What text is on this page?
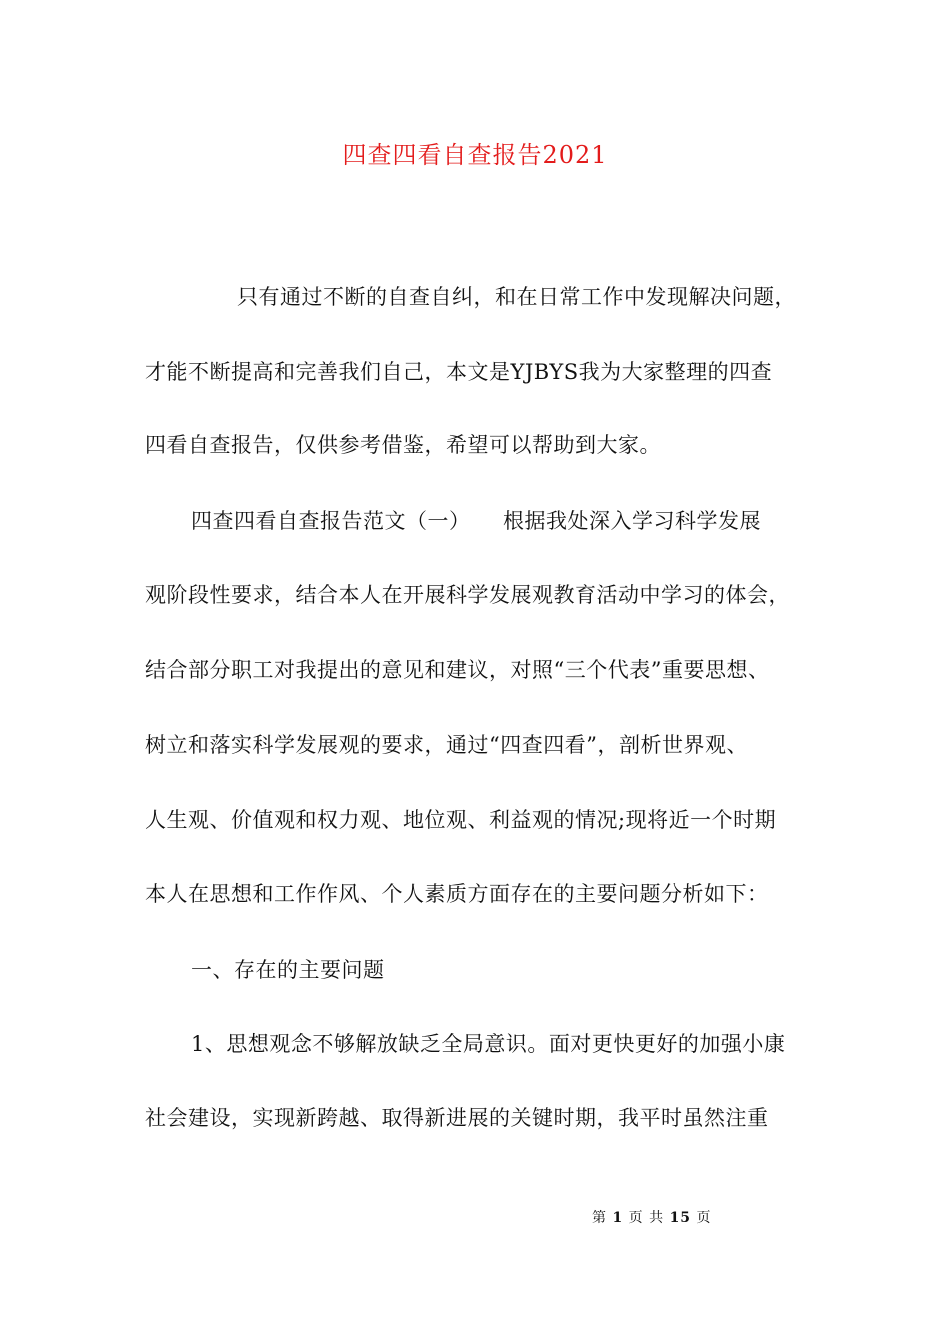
四查四看自查报告2021
只有通过不断的自查自纠，和在日常工作中发现解决问题，
才能不断提高和完善我们自己，本文是YJBYS我为大家整理的四查
四看自查报告，仅供参考借鉴，希望可以帮助到大家。
四查四看自查报告范文（一）　　根据我处深入学习科学发展
观阶段性要求，结合本人在开展科学发展观教育活动中学习的体会，
结合部分职工对我提出的意见和建议，对照“三个代表”重要思想、
树立和落实科学发展观的要求，通过“四查四看”，剖析世界观、
人生观、价值观和权力观、地位观、利益观的情况;现将近一个时期
本人在思想和工作作风、个人素质方面存在的主要问题分析如下：
一、存在的主要问题
1、思想观念不够解放缺乏全局意识。面对更快更好的加强小康
社会建设，实现新跨越、取得新进展的关键时期，我平时虽然注重
第 1 页 共 15 页
